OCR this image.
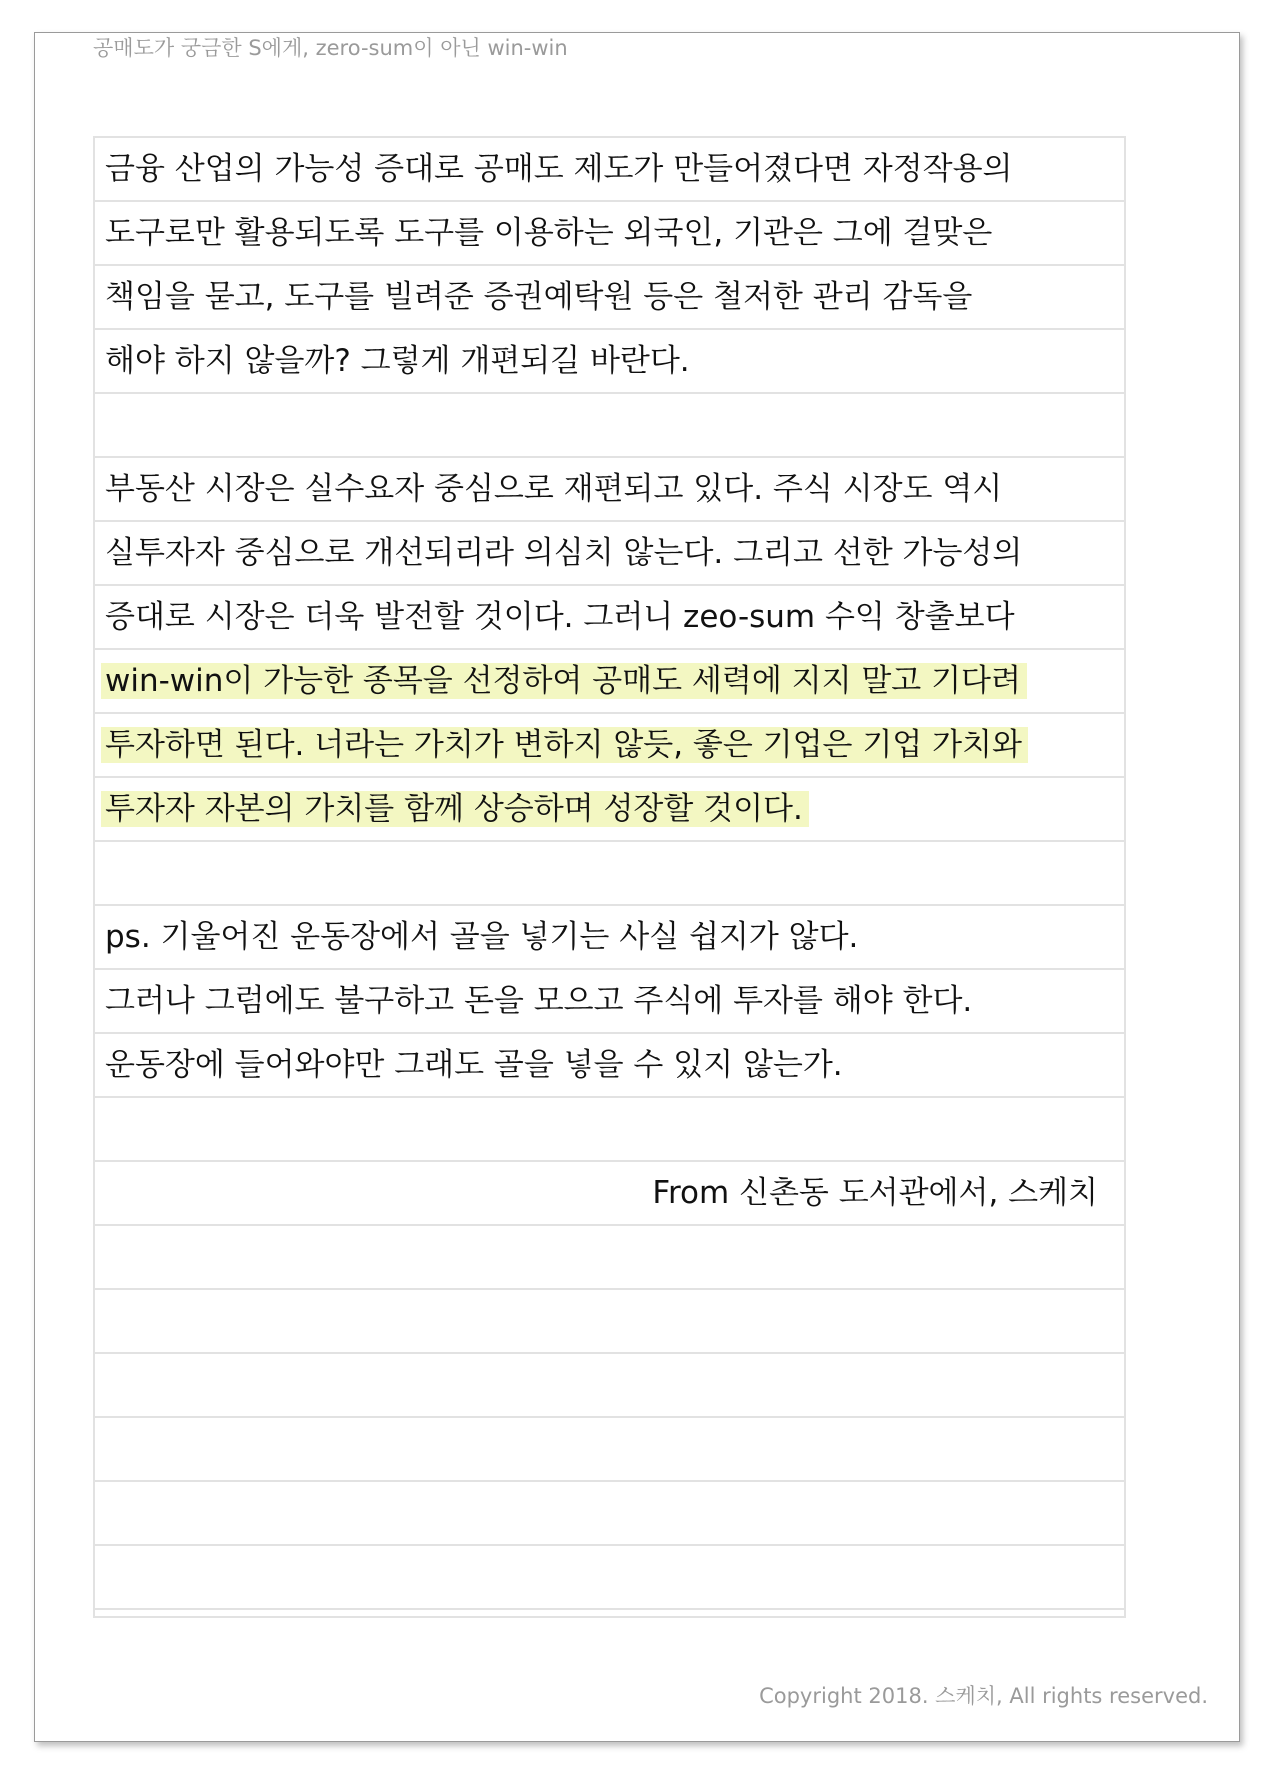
공매도가 궁금한 S에게, zero-sum이 아닌 win-win
금융 산업의 가능성 증대로 공매도 제도가 만들어졌다면 자정작용의
도구로만 활용되도록 도구를 이용하는 외국인, 기관은 그에 걸맞은
책임을 묻고, 도구를 빌려준 증권예탁원 등은 철저한 관리 감독을
해야 하지 않을까? 그렇게 개편되길 바란다.
부동산 시장은 실수요자 중심으로 재편되고 있다. 주식 시장도 역시
실투자자 중심으로 개선되리라 의심치 않는다. 그리고 선한 가능성의
증대로 시장은 더욱 발전할 것이다. 그러니 zeo-sum 수익 창출보다
win-win이 가능한 종목을 선정하여 공매도 세력에 지지 말고 기다려
투자하면 된다. 너라는 가치가 변하지 않듯, 좋은 기업은 기업 가치와
투자자 자본의 가치를 함께 상승하며 성장할 것이다.
ps. 기울어진 운동장에서 골을 넣기는 사실 쉽지가 않다.
그러나 그럼에도 불구하고 돈을 모으고 주식에 투자를 해야 한다.
운동장에 들어와야만 그래도 골을 넣을 수 있지 않는가.
From 신촌동 도서관에서, 스케치
Copyright 2018. 스케치, All rights reserved.
